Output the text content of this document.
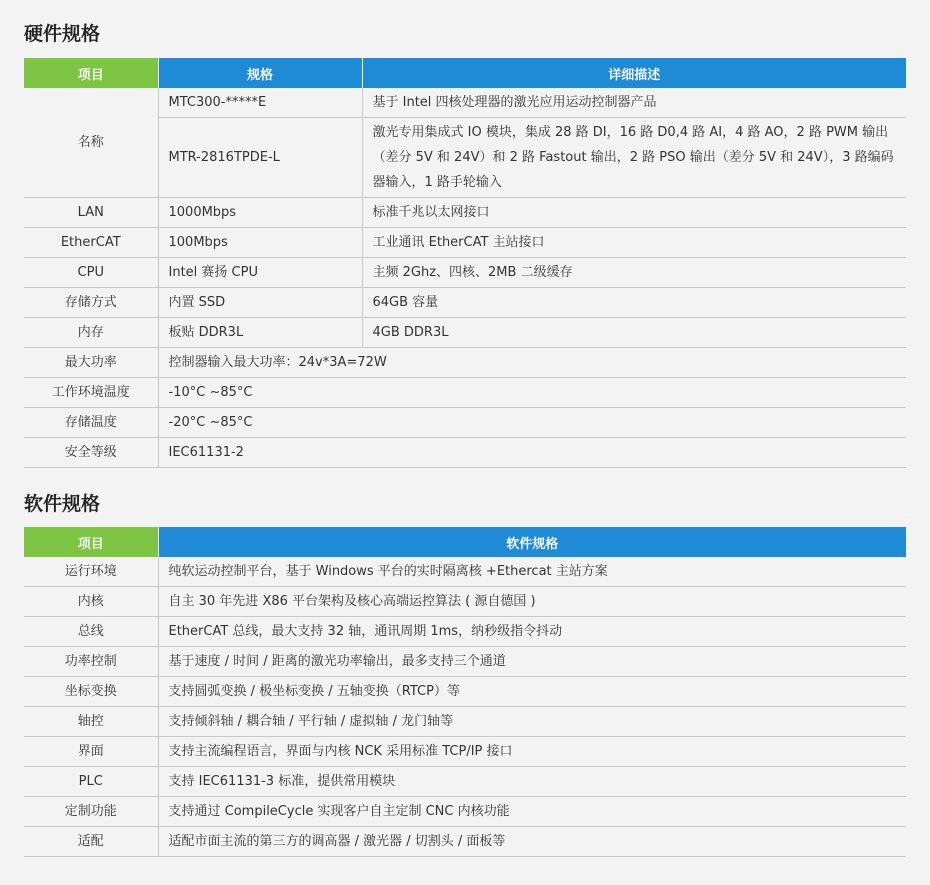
硬件规格
项目	规格	详细描述
名称	MTC300-*****E	基于 Intel 四核处理器的激光应用运动控制器产品
	MTR-2816TPDE-L	激光专用集成式 IO 模块，集成 28 路 DI，16 路 D0,4 路 AI，4 路 AO，2 路 PWM 输出（差分 5V 和 24V）和 2 路 Fastout 输出，2 路 PSO 输出（差分 5V 和 24V），3 路编码器输入，1 路手轮输入
LAN	1000Mbps	标准千兆以太网接口
EtherCAT	100Mbps	工业通讯 EtherCAT 主站接口
CPU	Intel 赛扬 CPU	主频 2Ghz、四核、2MB 二级缓存
存储方式	内置 SSD	64GB 容量
内存	板贴 DDR3L	4GB DDR3L
最大功率	控制器输入最大功率：24v*3A=72W	
工作环境温度	-10°C ~85°C	
存储温度	-20°C ~85°C	
安全等级	IEC61131-2	
软件规格
项目	软件规格
运行环境	纯软运动控制平台，基于 Windows 平台的实时隔离核 +Ethercat 主站方案
内核	自主 30 年先进 X86 平台架构及核心高端运控算法 ( 源自德国 )
总线	EtherCAT 总线，最大支持 32 轴，通讯周期 1ms，纳秒级指令抖动
功率控制	基于速度 / 时间 / 距离的激光功率输出，最多支持三个通道
坐标变换	支持圆弧变换 / 极坐标变换 / 五轴变换（RTCP）等
轴控	支持倾斜轴 / 耦合轴 / 平行轴 / 虚拟轴 / 龙门轴等
界面	支持主流编程语言，界面与内核 NCK 采用标准 TCP/IP 接口
PLC	支持 IEC61131-3 标准，提供常用模块
定制功能	支持通过 CompileCycle 实现客户自主定制 CNC 内核功能
适配	适配市面主流的第三方的调高器 / 激光器 / 切割头 / 面板等
